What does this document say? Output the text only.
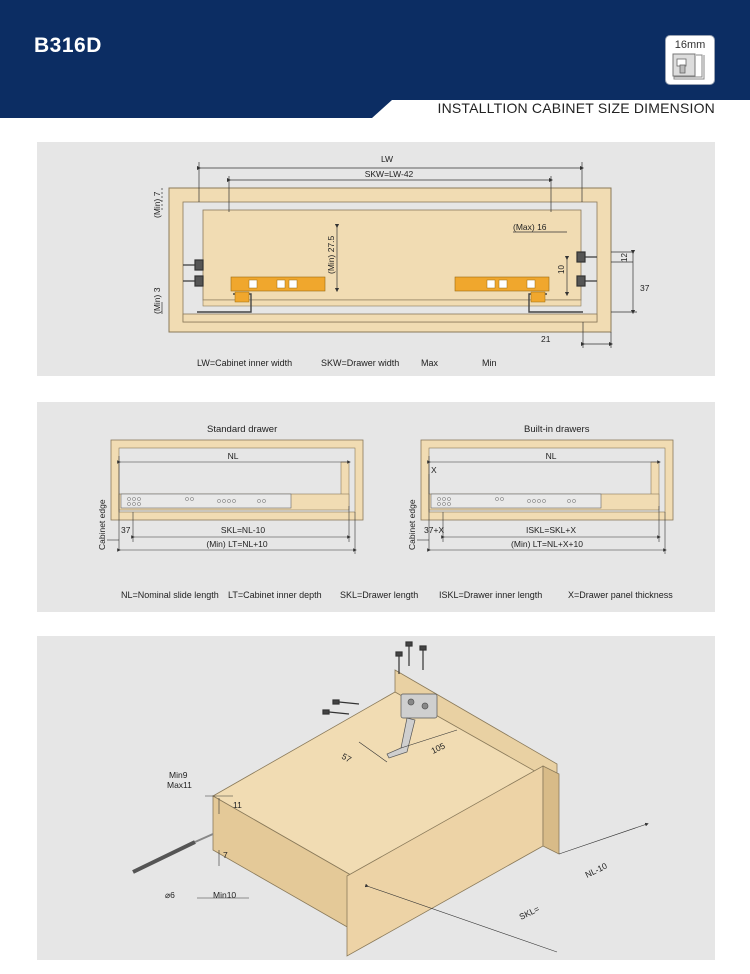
B316D	16mm
INSTALLTION CABINET SIZE DIMENSION
LW
SKW=LW-42
(Min) 7
(Min) 3
(Min) 27.5
(Max) 16
10
12
37
21
LW=Cabinet inner width	SKW=Drawer width Max	Min
Standard drawer	Built-in drawers
NL
Cabinet edge 37	SKL=NL-10
(Min) LT=NL+10
NL
X
Cabinet edge 37+X	ISKL=SKL+X
(Min) LT=NL+X+10
NL=Nominal slide length LT=Cabinet inner depth SKL=Drawer length ISKL=Drawer inner length	X=Drawer panel thickness
Min9
Max11
11
7
57
105
⌀6	Min10
NL-10
SKL=
